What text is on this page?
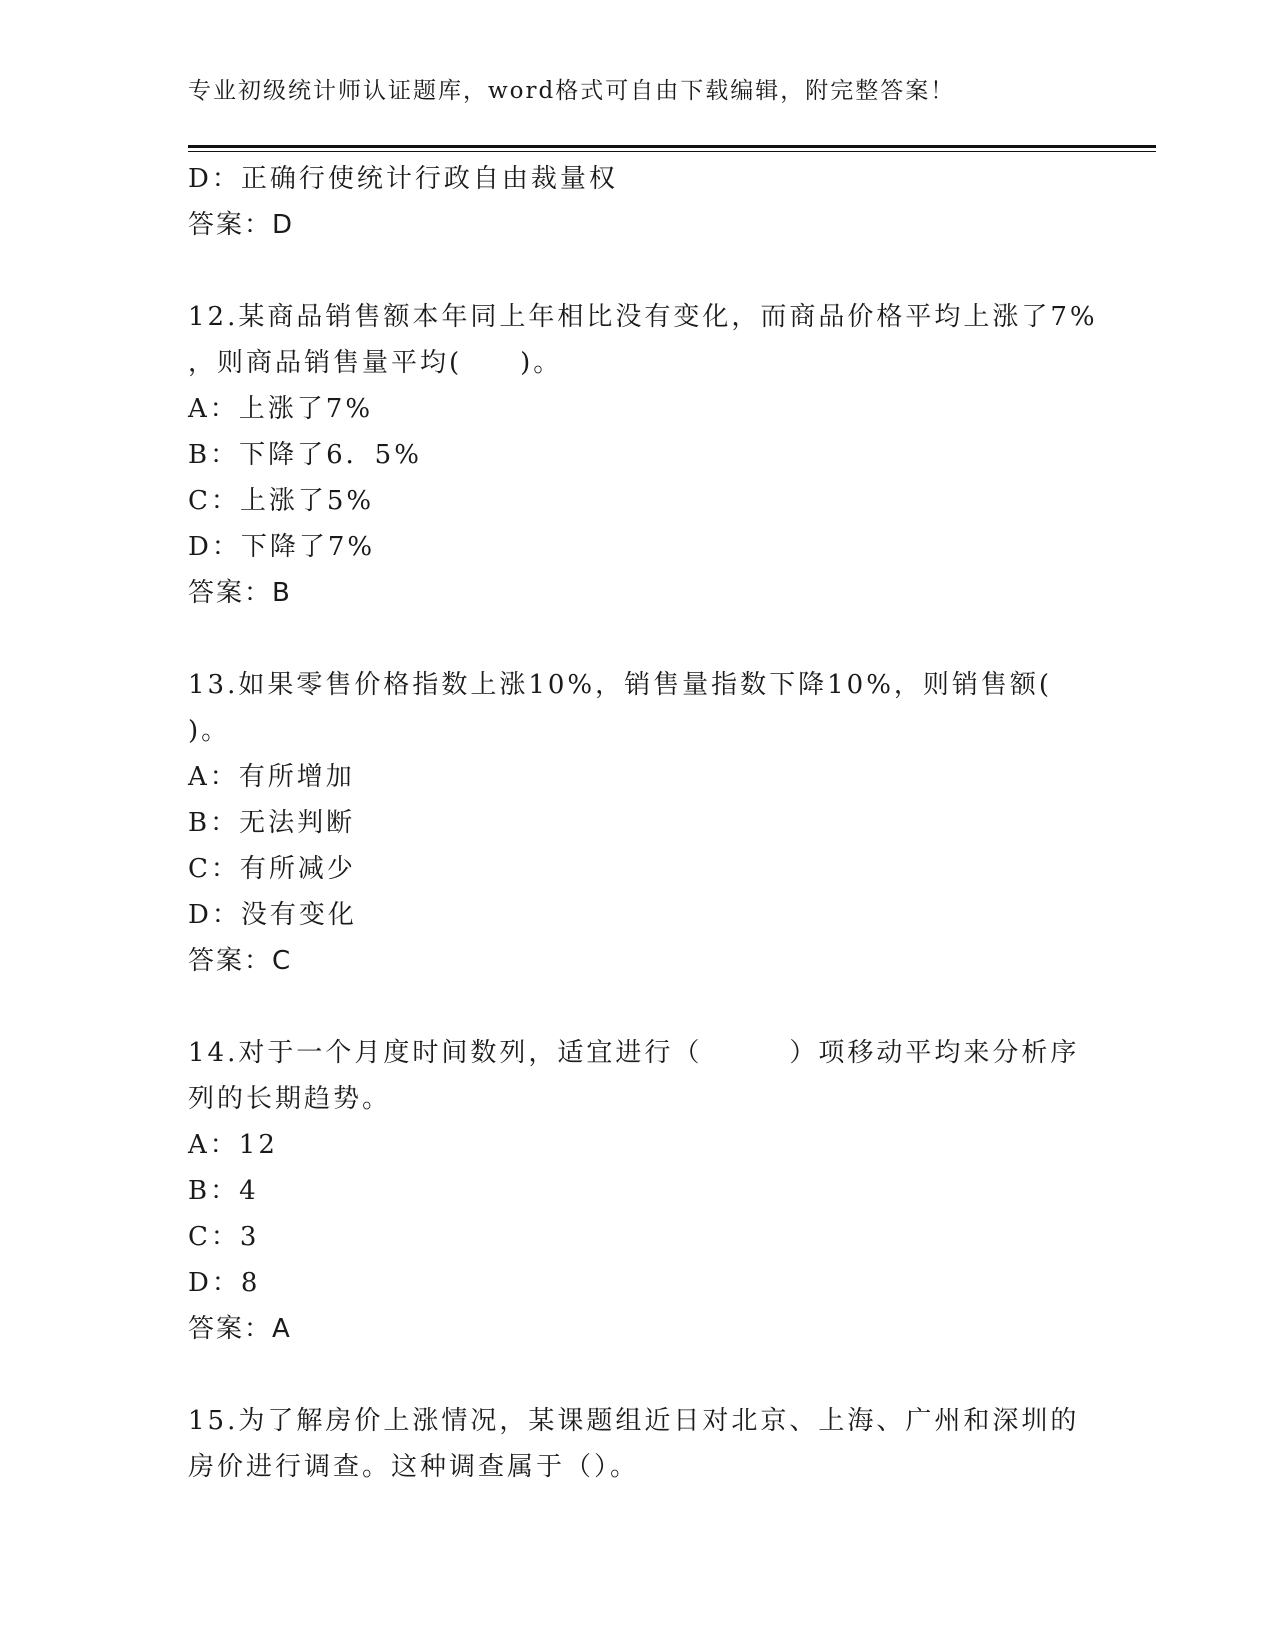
专业初级统计师认证题库，word格式可自由下载编辑，附完整答案！
D：正确行使统计行政自由裁量权
答案：D
12.某商品销售额本年同上年相比没有变化，而商品价格平均上涨了7%
，则商品销售量平均(　　)。
A：上涨了7%
B：下降了6．5%
C：上涨了5%
D：下降了7%
答案：B
13.如果零售价格指数上涨10%，销售量指数下降10%，则销售额(
)。
A：有所增加
B：无法判断
C：有所减少
D：没有变化
答案：C
14.对于一个月度时间数列，适宜进行（　　　）项移动平均来分析序
列的长期趋势。
A：12
B：4
C：3
D：8
答案：A
15.为了解房价上涨情况，某课题组近日对北京、上海、广州和深圳的
房价进行调查。这种调查属于（）。
